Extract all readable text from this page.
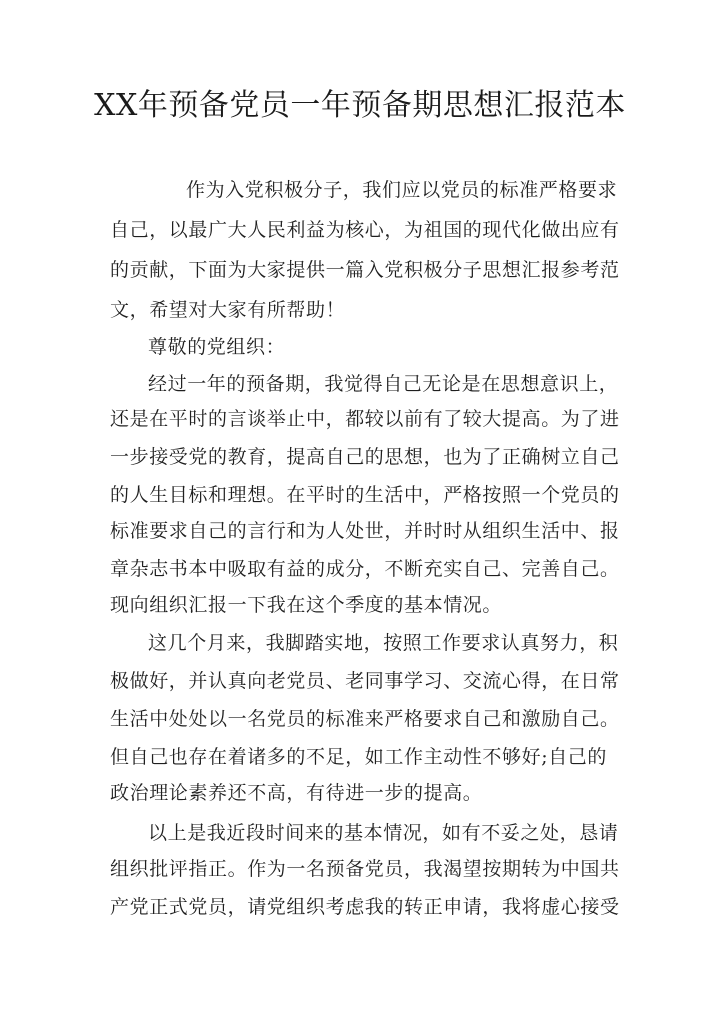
XX年预备党员一年预备期思想汇报范本
作为入党积极分子，我们应以党员的标准严格要求
自己，以最广大人民利益为核心，为祖国的现代化做出应有
的贡献，下面为大家提供一篇入党积极分子思想汇报参考范
文，希望对大家有所帮助！
尊敬的党组织：
经过一年的预备期，我觉得自己无论是在思想意识上，
还是在平时的言谈举止中，都较以前有了较大提高。为了进
一步接受党的教育，提高自己的思想，也为了正确树立自己
的人生目标和理想。在平时的生活中，严格按照一个党员的
标准要求自己的言行和为人处世，并时时从组织生活中、报
章杂志书本中吸取有益的成分，不断充实自己、完善自己。
现向组织汇报一下我在这个季度的基本情况。
这几个月来，我脚踏实地，按照工作要求认真努力，积
极做好，并认真向老党员、老同事学习、交流心得，在日常
生活中处处以一名党员的标准来严格要求自己和激励自己。
但自己也存在着诸多的不足，如工作主动性不够好;自己的
政治理论素养还不高，有待进一步的提高。
以上是我近段时间来的基本情况，如有不妥之处，恳请
组织批评指正。作为一名预备党员，我渴望按期转为中国共
产党正式党员，请党组织考虑我的转正申请，我将虚心接受
